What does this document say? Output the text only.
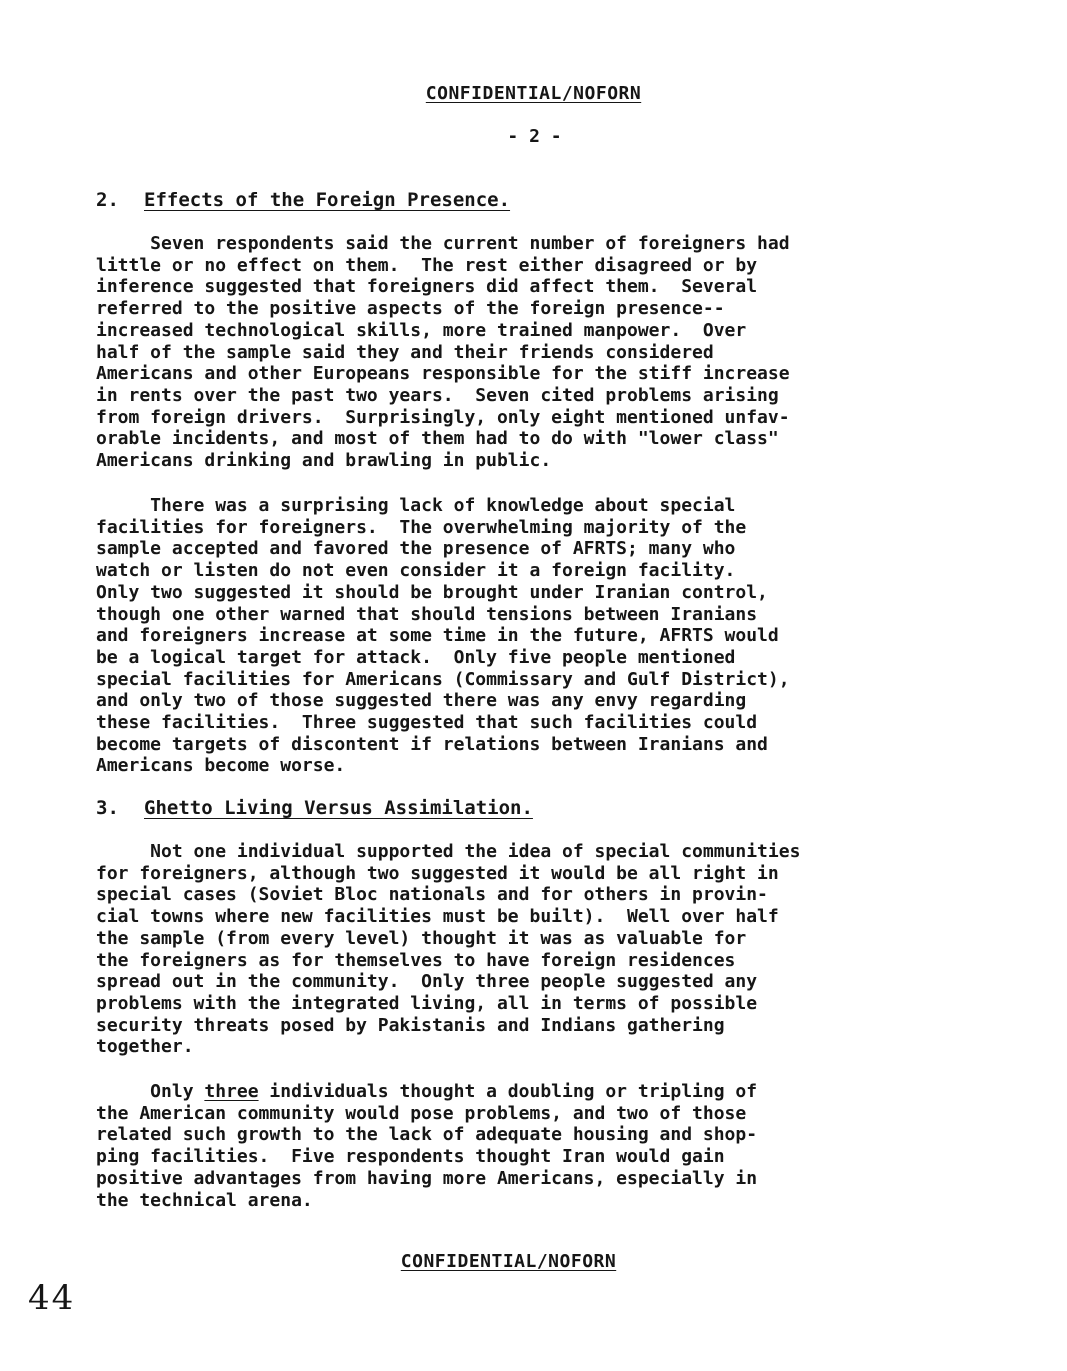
CONFIDENTIAL/NOFORN
- 2 -
2. Effects of the Foreign Presence.

Seven respondents said the current number of foreigners had
little or no effect on them.  The rest either disagreed or by
inference suggested that foreigners did affect them.  Several
referred to the positive aspects of the foreign presence--
increased technological skills, more trained manpower.  Over
half of the sample said they and their friends considered
Americans and other Europeans responsible for the stiff increase
in rents over the past two years.  Seven cited problems arising
from foreign drivers.  Surprisingly, only eight mentioned unfav-
orable incidents, and most of them had to do with "lower class"
Americans drinking and brawling in public.

There was a surprising lack of knowledge about special
facilities for foreigners.  The overwhelming majority of the
sample accepted and favored the presence of AFRTS; many who
watch or listen do not even consider it a foreign facility.
Only two suggested it should be brought under Iranian control,
though one other warned that should tensions between Iranians
and foreigners increase at some time in the future, AFRTS would
be a logical target for attack.  Only five people mentioned
special facilities for Americans (Commissary and Gulf District),
and only two of those suggested there was any envy regarding
these facilities.  Three suggested that such facilities could
become targets of discontent if relations between Iranians and
Americans become worse.

3. Ghetto Living Versus Assimilation.

Not one individual supported the idea of special communities
for foreigners, although two suggested it would be all right in
special cases (Soviet Bloc nationals and for others in provin-
cial towns where new facilities must be built).  Well over half
the sample (from every level) thought it was as valuable for
the foreigners as for themselves to have foreign residences
spread out in the community.  Only three people suggested any
problems with the integrated living, all in terms of possible
security threats posed by Pakistanis and Indians gathering
together.

Only three individuals thought a doubling or tripling of
the American community would pose problems, and two of those
related such growth to the lack of adequate housing and shop-
ping facilities.  Five respondents thought Iran would gain
positive advantages from having more Americans, especially in
the technical arena.

CONFIDENTIAL/NOFORN
44
